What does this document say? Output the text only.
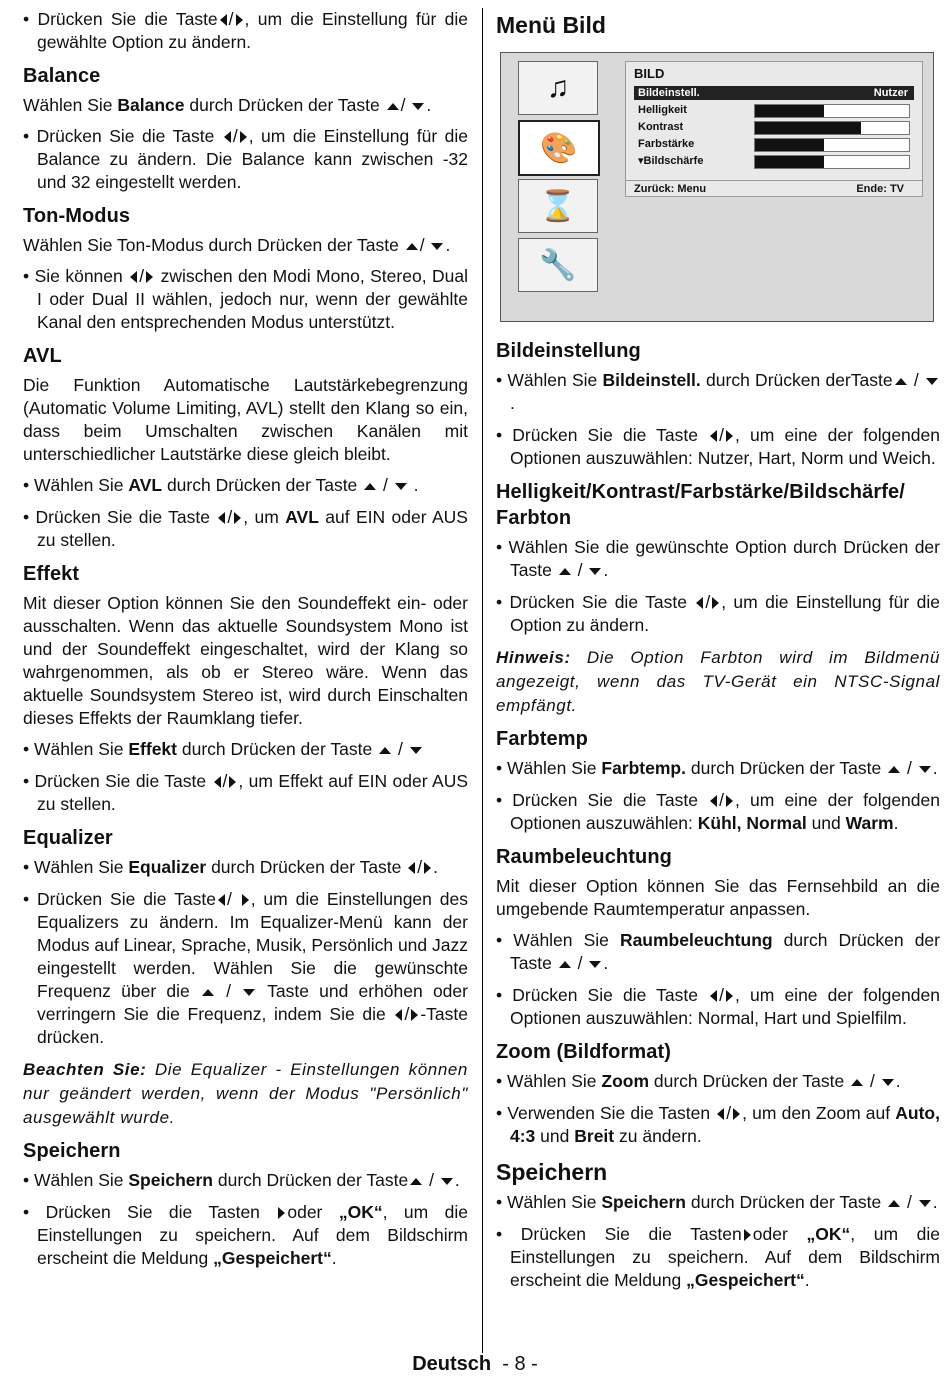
• Drücken Sie die Taste / , um die Einstellung für die gewählte Option zu ändern.
Balance
Wählen Sie Balance durch Drücken der Taste / .
• Drücken Sie die Taste / , um die Einstellung für die Balance zu ändern. Die Balance kann zwischen -32 und 32 eingestellt werden.
Ton-Modus
Wählen Sie Ton-Modus durch Drücken der Taste / .
• Sie können / zwischen den Modi Mono, Stereo, Dual I oder Dual II wählen, jedoch nur, wenn der gewählte Kanal den entsprechenden Modus unterstützt.
AVL
Die Funktion Automatische Lautstärkebegrenzung (Automatic Volume Limiting, AVL) stellt den Klang so ein, dass beim Umschalten zwischen Kanälen mit unterschiedlicher Lautstärke diese gleich bleibt.
• Wählen Sie AVL durch Drücken der Taste / .
• Drücken Sie die Taste / , um AVL auf EIN oder AUS zu stellen.
Effekt
Mit dieser Option können Sie den Soundeffekt ein- oder ausschalten. Wenn das aktuelle Soundsystem Mono ist und der Soundeffekt eingeschaltet, wird der Klang so wahrgenommen, als ob er Stereo wäre. Wenn das aktuelle Soundsystem Stereo ist, wird durch Einschalten dieses Effekts der Raumklang tiefer.
• Wählen Sie Effekt durch Drücken der Taste /
• Drücken Sie die Taste / , um Effekt auf EIN oder AUS zu stellen.
Equalizer
• Wählen Sie Equalizer durch Drücken der Taste / .
• Drücken Sie die Taste / , um die Einstellungen des Equalizers zu ändern. Im Equalizer-Menü kann der Modus auf Linear, Sprache, Musik, Persönlich und Jazz eingestellt werden. Wählen Sie die gewünschte Frequenz über die / Taste und erhöhen oder verringern Sie die Frequenz, indem Sie die / -Taste drücken.
Beachten Sie: Die Equalizer - Einstellungen können nur geändert werden, wenn der Modus "Persönlich" ausgewählt wurde.
Speichern
• Wählen Sie Speichern durch Drücken der Taste / .
• Drücken Sie die Tasten oder „OK“, um die Einstellungen zu speichern. Auf dem Bildschirm erscheint die Meldung „Gespeichert“.
Menü Bild
♫
🎨
⌛
🔧
BILD
Bildeinstell.	Nutzer
Helligkeit
Kontrast
Farbstärke
▾Bildschärfe
Zurück: Menu	Ende: TV
Bildeinstellung
• Wählen Sie Bildeinstell. durch Drücken derTaste / .
• Drücken Sie die Taste / , um eine der folgenden Optionen auszuwählen: Nutzer, Hart, Norm und Weich.
Helligkeit/Kontrast/Farbstärke/Bildschärfe/ Farbton
• Wählen Sie die gewünschte Option durch Drücken der Taste / .
• Drücken Sie die Taste / , um die Einstellung für die Option zu ändern.
Hinweis: Die Option Farbton wird im Bildmenü angezeigt, wenn das TV-Gerät ein NTSC-Signal empfängt.
Farbtemp
• Wählen Sie Farbtemp. durch Drücken der Taste / .
• Drücken Sie die Taste / , um eine der folgenden Optionen auszuwählen: Kühl, Normal und Warm.
Raumbeleuchtung
Mit dieser Option können Sie das Fernsehbild an die umgebende Raumtemperatur anpassen.
• Wählen Sie Raumbeleuchtung durch Drücken der Taste / .
• Drücken Sie die Taste / , um eine der folgenden Optionen auszuwählen: Normal, Hart und Spielfilm.
Zoom (Bildformat)
• Wählen Sie Zoom durch Drücken der Taste / .
• Verwenden Sie die Tasten / , um den Zoom auf Auto, 4:3 und Breit zu ändern.
Speichern
• Wählen Sie Speichern durch Drücken der Taste / .
• Drücken Sie die Tasten oder „OK“, um die Einstellungen zu speichern. Auf dem Bildschirm erscheint die Meldung „Gespeichert“.
Deutsch - 8 -
